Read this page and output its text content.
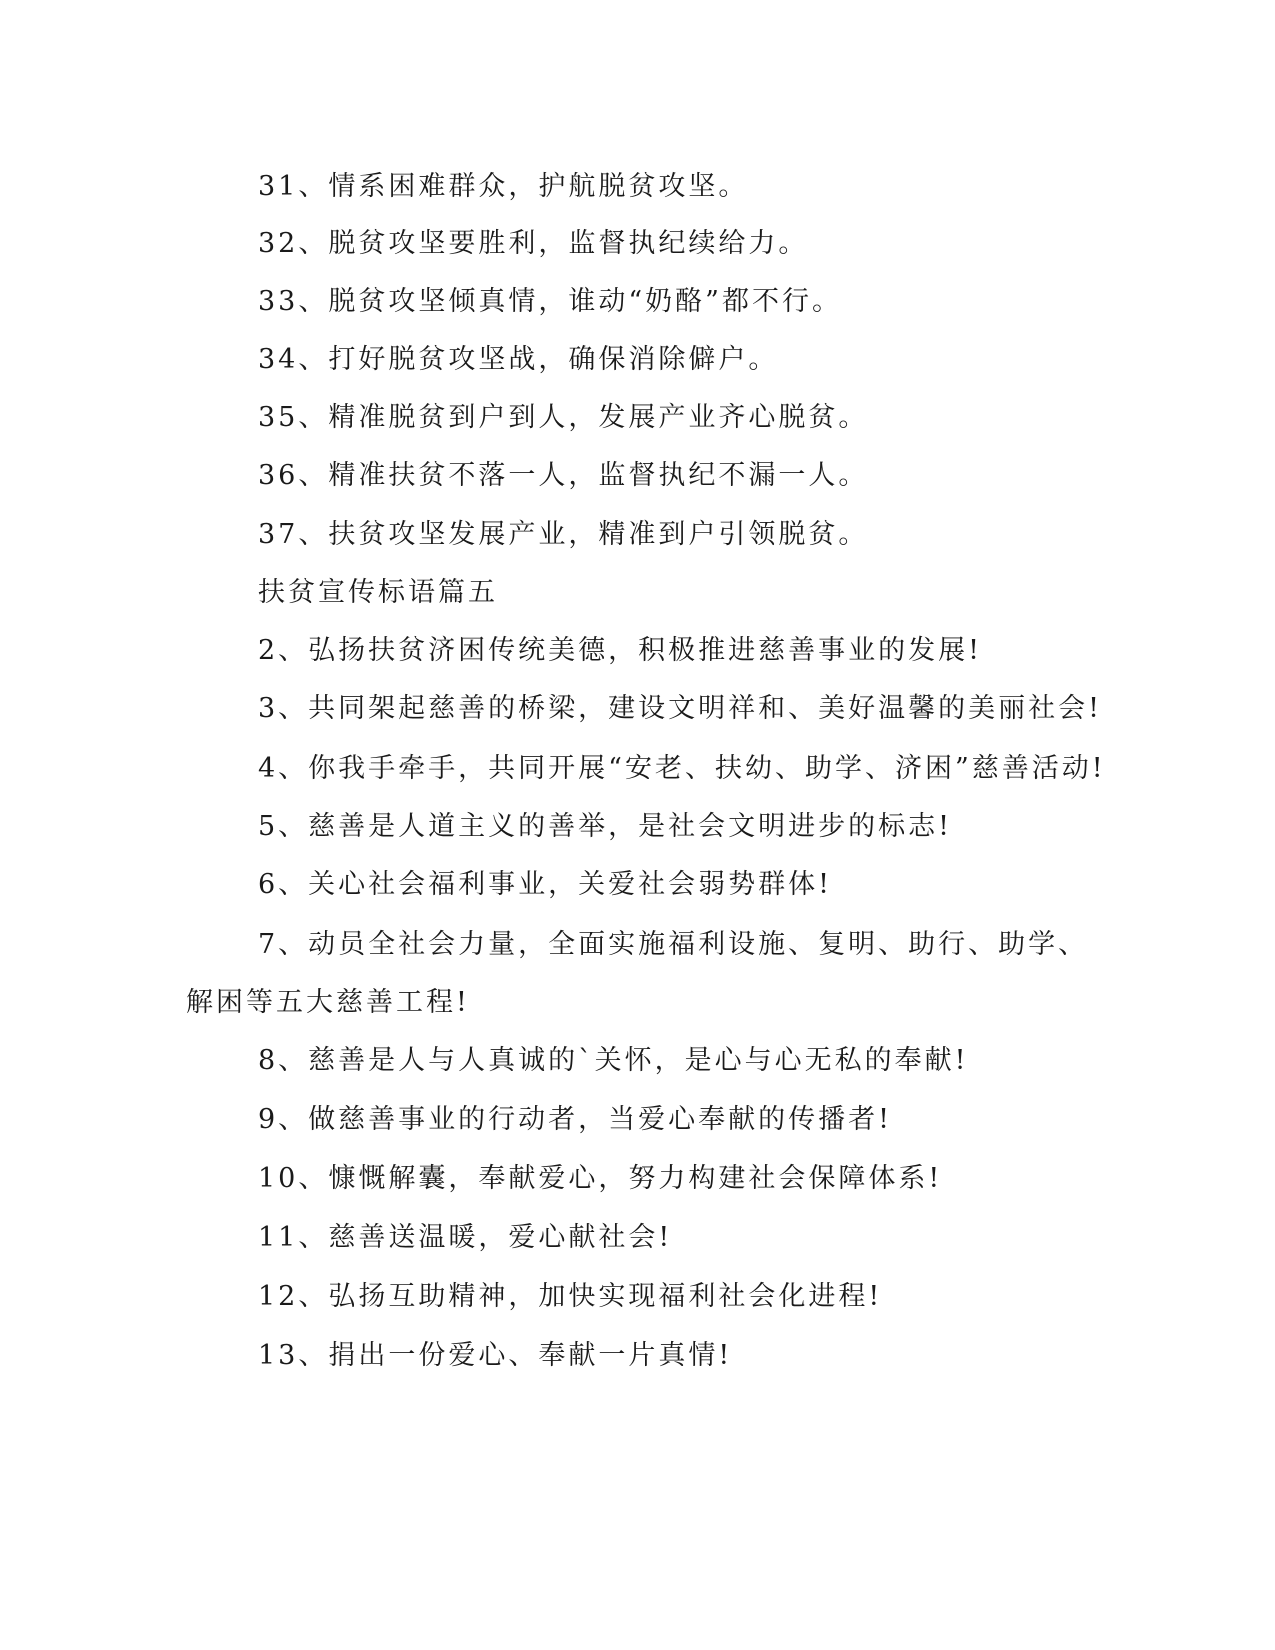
31、情系困难群众，护航脱贫攻坚。
32、脱贫攻坚要胜利，监督执纪续给力。
33、脱贫攻坚倾真情，谁动“奶酪”都不行。
34、打好脱贫攻坚战，确保消除僻户。
35、精准脱贫到户到人，发展产业齐心脱贫。
36、精准扶贫不落一人，监督执纪不漏一人。
37、扶贫攻坚发展产业，精准到户引领脱贫。
扶贫宣传标语篇五
2、弘扬扶贫济困传统美德，积极推进慈善事业的发展!
3、共同架起慈善的桥梁，建设文明祥和、美好温馨的美丽社会!
4、你我手牵手，共同开展“安老、扶幼、助学、济困”慈善活动!
5、慈善是人道主义的善举，是社会文明进步的标志!
6、关心社会福利事业，关爱社会弱势群体!
7、动员全社会力量，全面实施福利设施、复明、助行、助学、
解困等五大慈善工程!
8、慈善是人与人真诚的`关怀，是心与心无私的奉献!
9、做慈善事业的行动者，当爱心奉献的传播者!
10、慷慨解囊，奉献爱心，努力构建社会保障体系!
11、慈善送温暖，爱心献社会!
12、弘扬互助精神，加快实现福利社会化进程!
13、捐出一份爱心、奉献一片真情!
